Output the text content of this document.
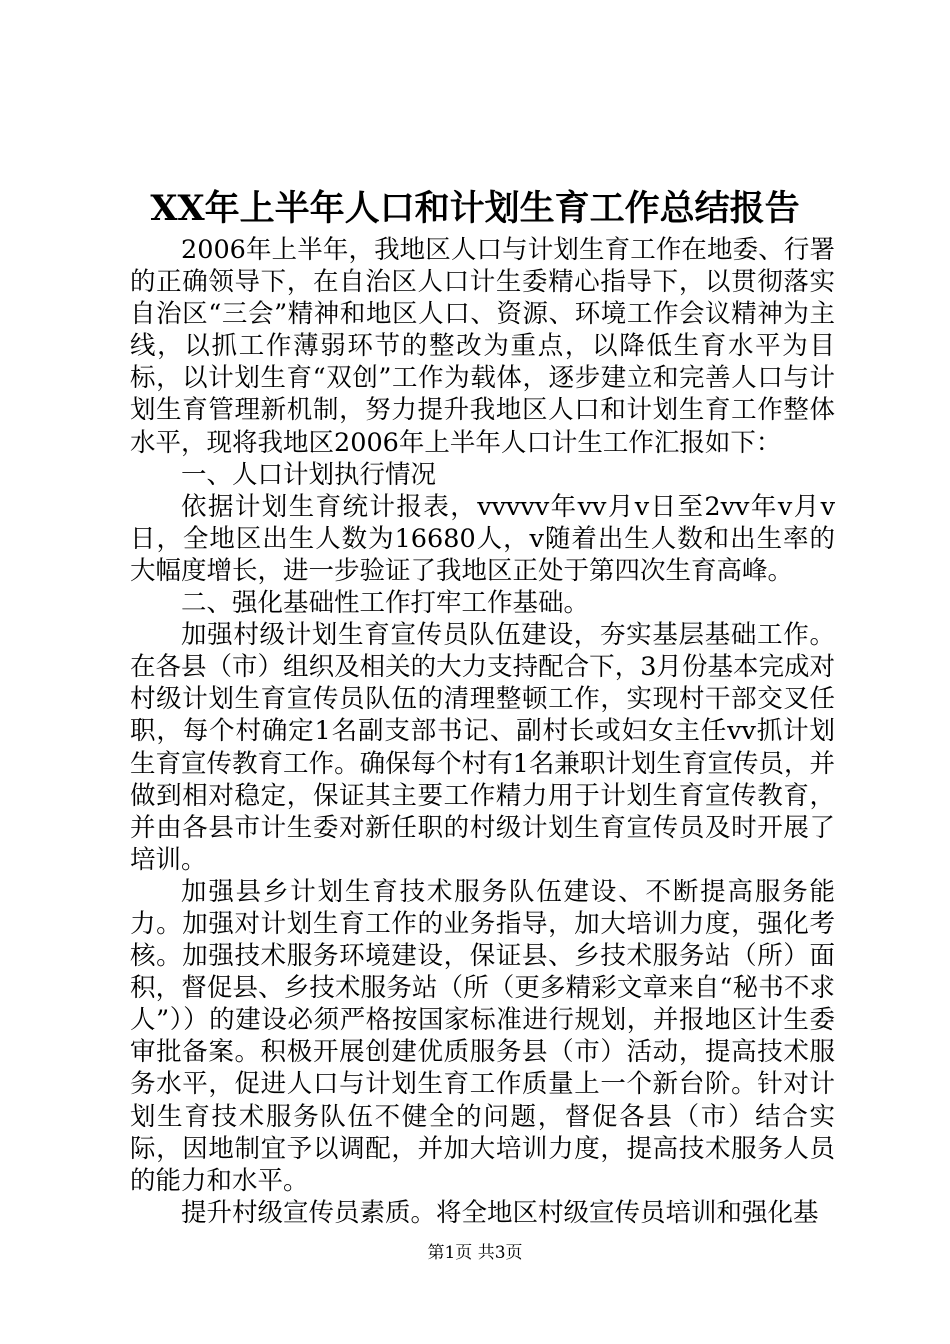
XX年上半年人口和计划生育工作总结报告

2006年上半年，我地区人口与计划生育工作在地委、行署的正确领导下，在自治区人口计生委精心指导下，以贯彻落实自治区“三会”精神和地区人口、资源、环境工作会议精神为主线，以抓工作薄弱环节的整改为重点，以降低生育水平为目标，以计划生育“双创”工作为载体，逐步建立和完善人口与计划生育管理新机制，努力提升我地区人口和计划生育工作整体水平，现将我地区2006年上半年人口计生工作汇报如下：

一、人口计划执行情况

依据计划生育统计报表，vvvvv年vv月v日至2vv年v月v日，全地区出生人数为16680人，v随着出生人数和出生率的大幅度增长，进一步验证了我地区正处于第四次生育高峰。

二、强化基础性工作打牢工作基础。

加强村级计划生育宣传员队伍建设，夯实基层基础工作。在各县（市）组织及相关的大力支持配合下，3月份基本完成对村级计划生育宣传员队伍的清理整顿工作，实现村干部交叉任职，每个村确定1名副支部书记、副村长或妇女主任vv抓计划生育宣传教育工作。确保每个村有1名兼职计划生育宣传员，并做到相对稳定，保证其主要工作精力用于计划生育宣传教育，并由各县市计生委对新任职的村级计划生育宣传员及时开展了培训。

加强县乡计划生育技术服务队伍建设、不断提高服务能力。加强对计划生育工作的业务指导，加大培训力度，强化考核。加强技术服务环境建设，保证县、乡技术服务站（所）面积，督促县、乡技术服务站（所（更多精彩文章来自“秘书不求人”））的建设必须严格按国家标准进行规划，并报地区计生委审批备案。积极开展创建优质服务县（市）活动，提高技术服务水平，促进人口与计划生育工作质量上一个新台阶。针对计划生育技术服务队伍不健全的问题，督促各县（市）结合实际，因地制宜予以调配，并加大培训力度，提高技术服务人员的能力和水平。

提升村级宣传员素质。将全地区村级宣传员培训和强化基

第1页 共3页
